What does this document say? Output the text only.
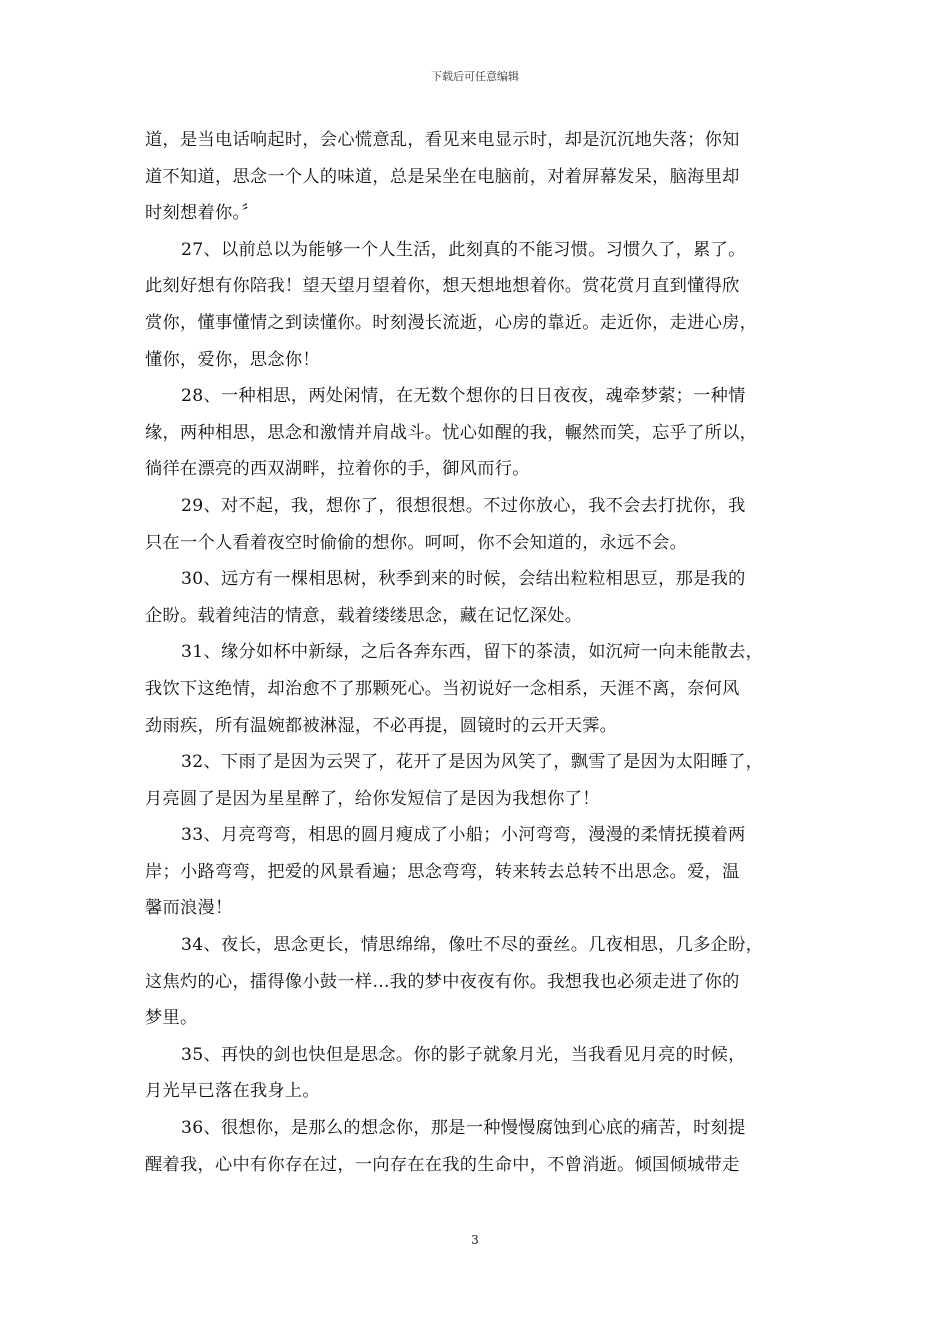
下载后可任意编辑
道，是当电话响起时，会心慌意乱，看见来电显示时，却是沉沉地失落；你知
道不知道，思念一个人的味道，总是呆坐在电脑前，对着屏幕发呆，脑海里却
时刻想着你。〞
27、以前总以为能够一个人生活，此刻真的不能习惯。习惯久了，累了。
此刻好想有你陪我！望天望月望着你，想天想地想着你。赏花赏月直到懂得欣
赏你，懂事懂情之到读懂你。时刻漫长流逝，心房的靠近。走近你，走进心房，
懂你，爱你，思念你！
28、一种相思，两处闲情，在无数个想你的日日夜夜，魂牵梦萦；一种情
缘，两种相思，思念和激情并肩战斗。忧心如醒的我，輾然而笑，忘乎了所以，
徜徉在漂亮的西双湖畔，拉着你的手，御风而行。
29、对不起，我，想你了，很想很想。不过你放心，我不会去打扰你，我
只在一个人看着夜空时偷偷的想你。呵呵，你不会知道的，永远不会。
30、远方有一棵相思树，秋季到来的时候，会结出粒粒相思豆，那是我的
企盼。载着纯洁的情意，载着缕缕思念，藏在记忆深处。
31、缘分如杯中新绿，之后各奔东西，留下的茶渍，如沉疴一向未能散去，
我饮下这绝情，却治愈不了那颗死心。当初说好一念相系，天涯不离，奈何风
劲雨疾，所有温婉都被淋湿，不必再提，圆镜时的云开天霁。
32、下雨了是因为云哭了，花开了是因为风笑了，飘雪了是因为太阳睡了，
月亮圆了是因为星星醉了，给你发短信了是因为我想你了！
33、月亮弯弯，相思的圆月瘦成了小船；小河弯弯，漫漫的柔情抚摸着两
岸；小路弯弯，把爱的风景看遍；思念弯弯，转来转去总转不出思念。爱，温
馨而浪漫！
34、夜长，思念更长，情思绵绵，像吐不尽的蚕丝。几夜相思，几多企盼，
这焦灼的心，擂得像小鼓一样…我的梦中夜夜有你。我想我也必须走进了你的
梦里。
35、再快的剑也快但是思念。你的影子就象月光，当我看见月亮的时候，
月光早已落在我身上。
36、很想你，是那么的想念你，那是一种慢慢腐蚀到心底的痛苦，时刻提
醒着我，心中有你存在过，一向存在在我的生命中，不曾消逝。倾国倾城带走
3
